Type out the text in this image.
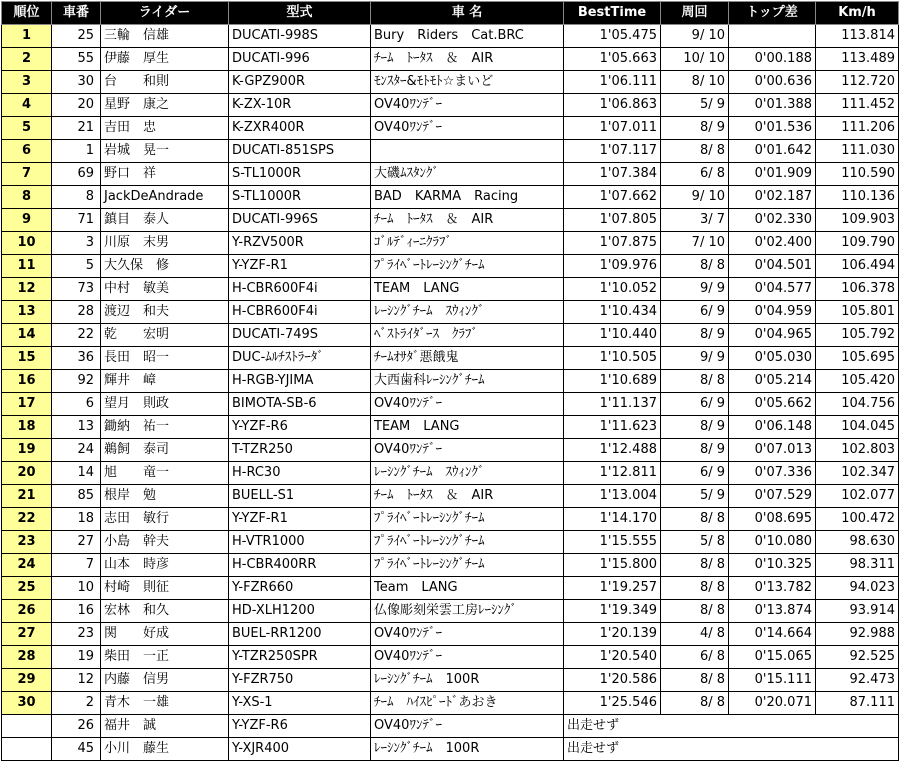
順位	車番	ライダー	型式	車 名	BestTime	周回	トップ差	Km/h
1	25	三輪　信雄	DUCATI-998S	Bury　Riders　Cat.BRC	1'05.475	9/ 10		113.814
2	55	伊藤　厚生	DUCATI-996	ﾁｰﾑ　ﾄｰﾀｽ　＆　AIR	1'05.663	10/ 10	0'00.188	113.489
3	30	台　　和則	K-GPZ900R	ﾓﾝｽﾀｰ&ﾓﾄﾓﾄ☆まいど	1'06.111	8/ 10	0'00.636	112.720
4	20	星野　康之	K-ZX-10R	OV40ﾜﾝﾃﾞｰ	1'06.863	5/ 9	0'01.388	111.452
5	21	吉田　忠	K-ZXR400R	OV40ﾜﾝﾃﾞｰ	1'07.011	8/ 9	0'01.536	111.206
6	1	岩城　晃一	DUCATI-851SPS		1'07.117	8/ 8	0'01.642	111.030
7	69	野口　祥	S-TL1000R	大磯ﾑｽﾀﾝｸﾞ	1'07.384	6/ 8	0'01.909	110.590
8	8	JackDeAndrade	S-TL1000R	BAD　KARMA　Racing	1'07.662	9/ 10	0'02.187	110.136
9	71	鎮目　泰人	DUCATI-996S	ﾁｰﾑ　ﾄｰﾀｽ　＆　AIR	1'07.805	3/ 7	0'02.330	109.903
10	3	川原　末男	Y-RZV500R	ｺﾞﾙﾃﾞｨｰﾆｸﾗﾌﾞ	1'07.875	7/ 10	0'02.400	109.790
11	5	大久保　修	Y-YZF-R1	ﾌﾟﾗｲﾍﾞｰﾄﾚｰｼﾝｸﾞﾁｰﾑ	1'09.976	8/ 8	0'04.501	106.494
12	73	中村　敏美	H-CBR600F4i	TEAM　LANG	1'10.052	9/ 9	0'04.577	106.378
13	28	渡辺　和夫	H-CBR600F4i	ﾚｰｼﾝｸﾞﾁｰﾑ　ｽｳｨﾝｸﾞ	1'10.434	6/ 9	0'04.959	105.801
14	22	乾　　宏明	DUCATI-749S	ﾍﾞｽﾄﾗｲﾀﾞｰｽ　ｸﾗﾌﾞ	1'10.440	8/ 9	0'04.965	105.792
15	36	長田　昭一	DUC-ﾑﾙﾁｽﾄﾗｰﾀﾞ	ﾁｰﾑｵｻﾀﾞ悪餓鬼	1'10.505	9/ 9	0'05.030	105.695
16	92	輝井　嶂	H-RGB-YJIMA	大西歯科ﾚｰｼﾝｸﾞﾁｰﾑ	1'10.689	8/ 8	0'05.214	105.420
17	6	望月　則政	BIMOTA-SB-6	OV40ﾜﾝﾃﾞｰ	1'11.137	6/ 9	0'05.662	104.756
18	13	鋤納　祐一	Y-YZF-R6	TEAM　LANG	1'11.623	8/ 9	0'06.148	104.045
19	24	鵜飼　泰司	T-TZR250	OV40ﾜﾝﾃﾞｰ	1'12.488	8/ 9	0'07.013	102.803
20	14	旭　　竜一	H-RC30	ﾚｰｼﾝｸﾞﾁｰﾑ　ｽｳｨﾝｸﾞ	1'12.811	6/ 9	0'07.336	102.347
21	85	根岸　勉	BUELL-S1	ﾁｰﾑ　ﾄｰﾀｽ　＆　AIR	1'13.004	5/ 9	0'07.529	102.077
22	18	志田　敏行	Y-YZF-R1	ﾌﾟﾗｲﾍﾞｰﾄﾚｰｼﾝｸﾞﾁｰﾑ	1'14.170	8/ 8	0'08.695	100.472
23	27	小島　幹夫	H-VTR1000	ﾌﾟﾗｲﾍﾞｰﾄﾚｰｼﾝｸﾞﾁｰﾑ	1'15.555	5/ 8	0'10.080	98.630
24	7	山本　時彦	H-CBR400RR	ﾌﾟﾗｲﾍﾞｰﾄﾚｰｼﾝｸﾞﾁｰﾑ	1'15.800	8/ 8	0'10.325	98.311
25	10	村崎　則征	Y-FZR660	Team　LANG	1'19.257	8/ 8	0'13.782	94.023
26	16	宏林　和久	HD-XLH1200	仏像彫刻栄雲工房ﾚｰｼﾝｸﾞ	1'19.349	8/ 8	0'13.874	93.914
27	23	関　　好成	BUEL-RR1200	OV40ﾜﾝﾃﾞｰ	1'20.139	4/ 8	0'14.664	92.988
28	19	柴田　一正	Y-TZR250SPR	OV40ﾜﾝﾃﾞｰ	1'20.540	6/ 8	0'15.065	92.525
29	12	内藤　信男	Y-FZR750	ﾚｰｼﾝｸﾞﾁｰﾑ　100R	1'20.586	8/ 8	0'15.111	92.473
30	2	青木　一雄	Y-XS-1	ﾁｰﾑ　ﾊｲｽﾋﾟｰﾄﾞあおき	1'25.546	8/ 8	0'20.071	87.111
	26	福井　誠	Y-YZF-R6	OV40ﾜﾝﾃﾞｰ	出走せず			
	45	小川　藤生	Y-XJR400	ﾚｰｼﾝｸﾞﾁｰﾑ　100R	出走せず			
